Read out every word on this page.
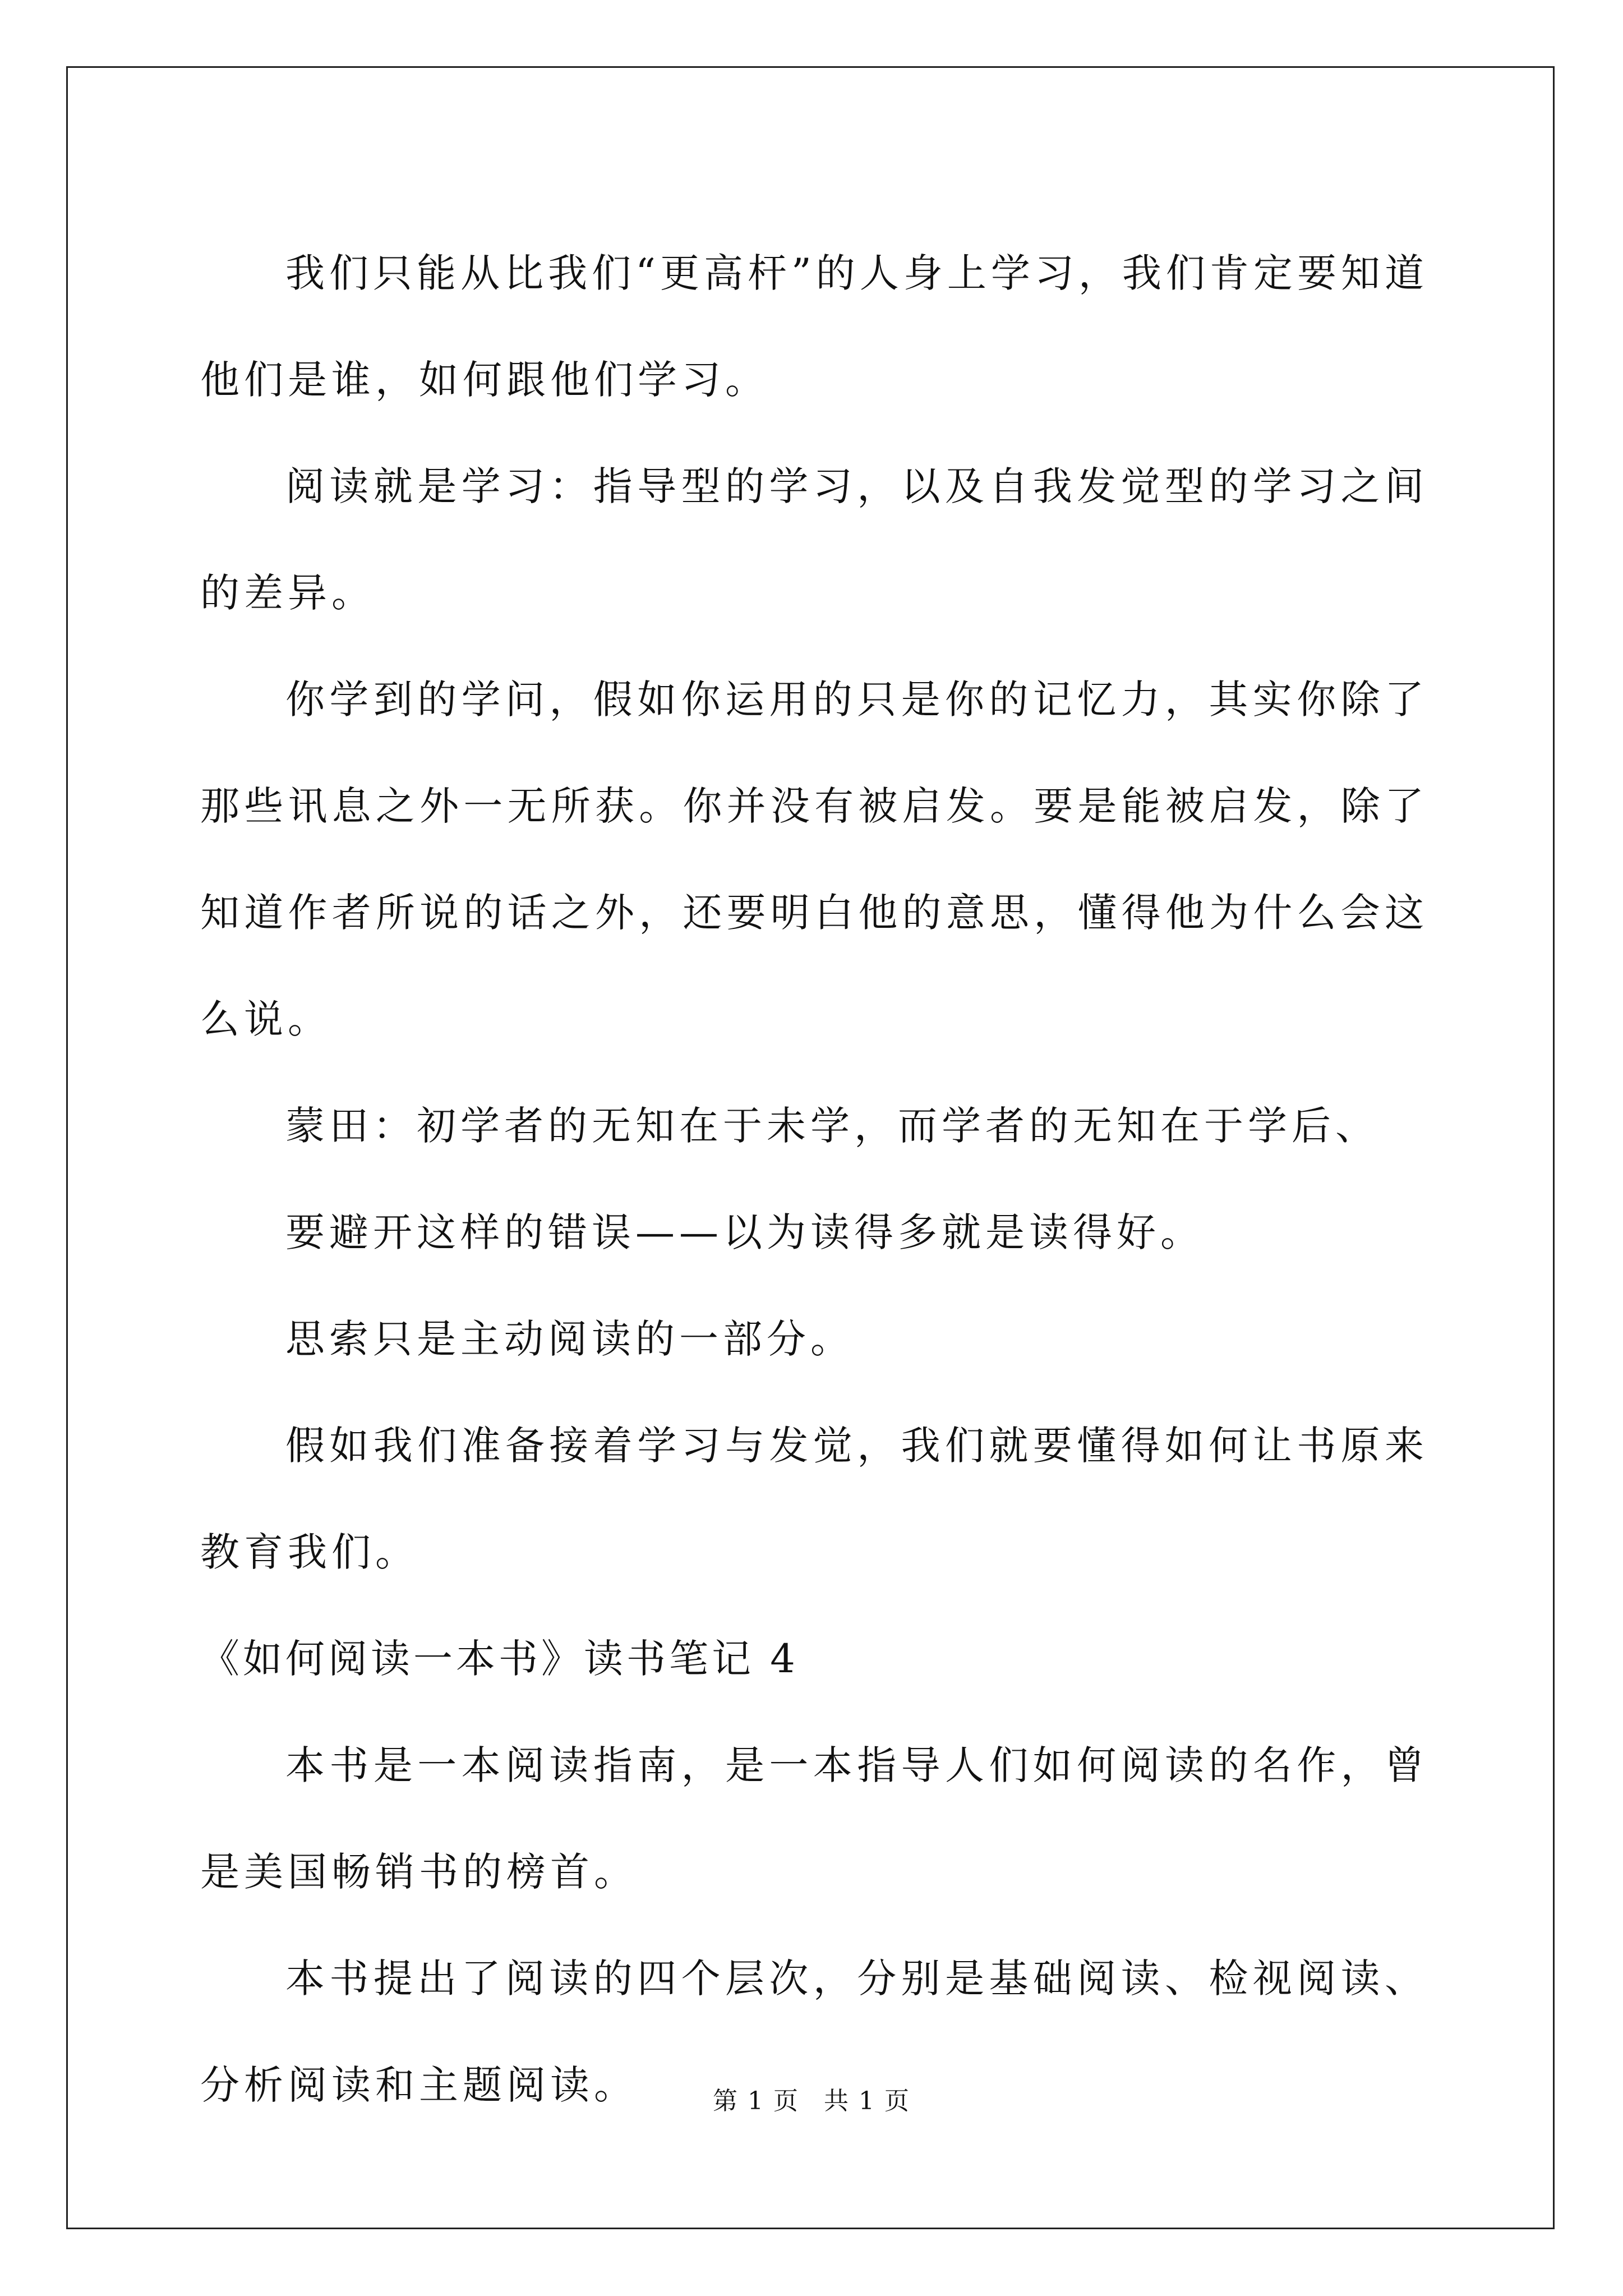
我们只能从比我们“更高杆”的人身上学习，我们肯定要知道他们是谁，如何跟他们学习。

阅读就是学习：指导型的学习，以及自我发觉型的学习之间的差异。

你学到的学问，假如你运用的只是你的记忆力，其实你除了那些讯息之外一无所获。你并没有被启发。要是能被启发，除了知道作者所说的话之外，还要明白他的意思，懂得他为什么会这么说。

蒙田：初学者的无知在于未学，而学者的无知在于学后、

要避开这样的错误——以为读得多就是读得好。

思索只是主动阅读的一部分。

假如我们准备接着学习与发觉，我们就要懂得如何让书原来教育我们。

《如何阅读一本书》读书笔记 4

本书是一本阅读指南，是一本指导人们如何阅读的名作，曾是美国畅销书的榜首。

本书提出了阅读的四个层次，分别是基础阅读、检视阅读、分析阅读和主题阅读。	第 1 页 共 1 页
